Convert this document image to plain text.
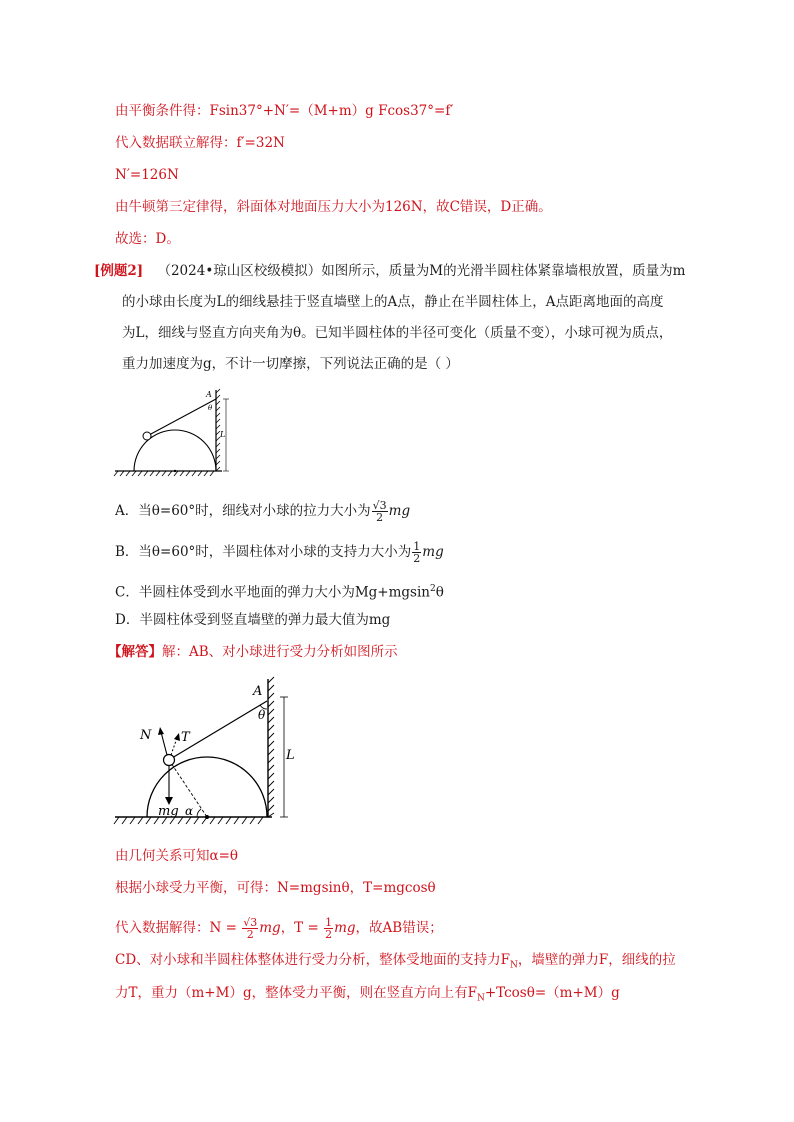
由平衡条件得：Fsin37°+N′=（M+m）g Fcos37°=f′
代入数据联立解得：f′=32N
N′=126N
由牛顿第三定律得，斜面体对地面压力大小为126N，故C错误，D正确。
故选：D。
[例题2] （2024•琼山区校级模拟）如图所示，质量为M的光滑半圆柱体紧靠墙根放置，质量为m
的小球由长度为L的细线悬挂于竖直墙壁上的A点，静止在半圆柱体上，A点距离地面的高度
为L，细线与竖直方向夹角为θ。已知半圆柱体的半径可变化（质量不变），小球可视为质点，
重力加速度为g，不计一切摩擦，下列说法正确的是（ ）
A
θ
L
A．当θ=60°时，细线对小球的拉力大小为 $\frac{√3}{2}$ mg
B．当θ=60°时，半圆柱体对小球的支持力大小为 $\frac{1}{2}$ mg
C．半圆柱体受到水平地面的弹力大小为Mg+mgsin$^2$θ
D．半圆柱体受到竖直墙壁的弹力最大值为mg
【解答】解：AB、对小球进行受力分析如图所示
A
θ
L
N T
mg α
由几何关系可知α=θ
根据小球受力平衡，可得：N=mgsinθ，T=mgcosθ
代入数据解得：$N = \frac{√3}{2}$ mg，$T = \frac{1}{2}$ mg，故AB错误；
CD、对小球和半圆柱体整体进行受力分析，整体受地面的支持力$F_N$，墙壁的弹力F，细线的拉
力T，重力（m+M）g，整体受力平衡，则在竖直方向上有$F_N+Tcos\theta=(m+M)g$
